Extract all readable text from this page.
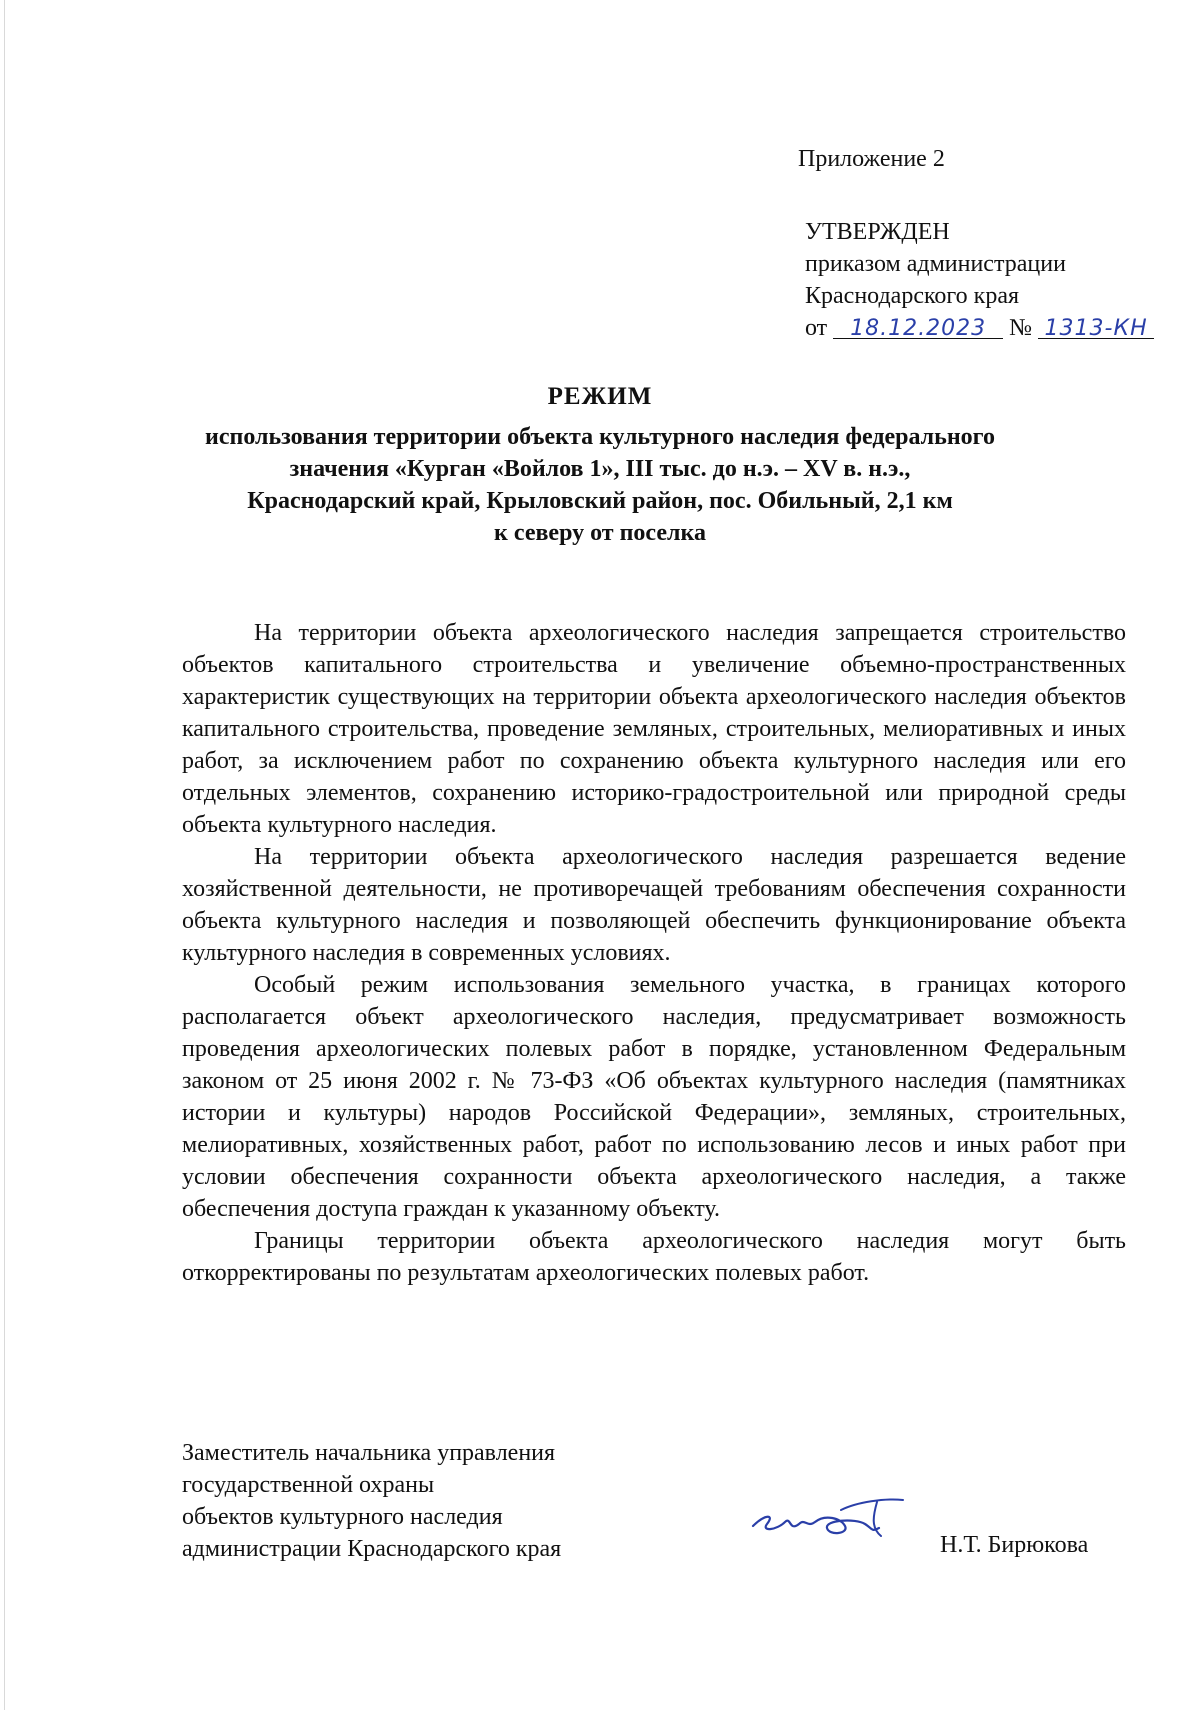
Приложение 2
УТВЕРЖДЕН
приказом администрации
Краснодарского края
от 18.12.2023 № 1313-КН
РЕЖИМ
использования территории объекта культурного наследия федерального
значения «Курган «Войлов 1», III тыс. до н.э. – XV в. н.э.,
Краснодарский край, Крыловский район, пос. Обильный, 2,1 км
к северу от поселка

На территории объекта археологического наследия запрещается строительство объектов капитального строительства и увеличение объемно-пространственных характеристик существующих на территории объекта археологического наследия объектов капитального строительства, проведение земляных, строительных, мелиоративных и иных работ, за исключением работ по сохранению объекта культурного наследия или его отдельных элементов, сохранению историко-градостроительной или природной среды объекта культурного наследия.

На территории объекта археологического наследия разрешается ведение хозяйственной деятельности, не противоречащей требованиям обеспечения сохранности объекта культурного наследия и позволяющей обеспечить функционирование объекта культурного наследия в современных условиях.

Особый режим использования земельного участка, в границах которого располагается объект археологического наследия, предусматривает возможность проведения археологических полевых работ в порядке, установленном Федеральным законом от 25 июня 2002 г. № 73-ФЗ «Об объектах культурного наследия (памятниках истории и культуры) народов Российской Федерации», земляных, строительных, мелиоративных, хозяйственных работ, работ по использованию лесов и иных работ при условии обеспечения сохранности объекта археологического наследия, а также обеспечения доступа граждан к указанному объекту.

Границы территории объекта археологического наследия могут быть откорректированы по результатам археологических полевых работ.

Заместитель начальника управления
государственной охраны
объектов культурного наследия
администрации Краснодарского края	Н.Т. Бирюкова
